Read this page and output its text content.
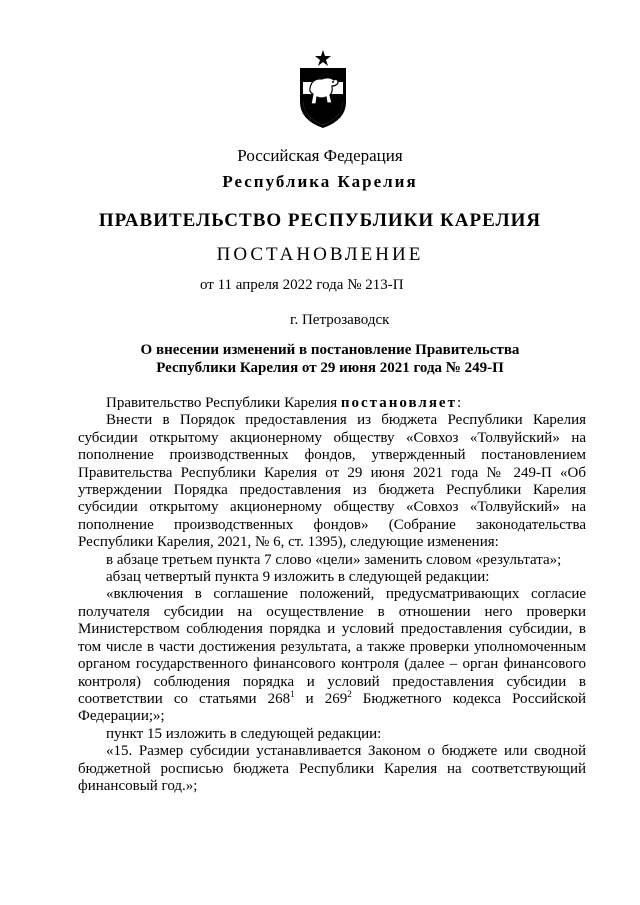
Российская Федерация
Республика Карелия
ПРАВИТЕЛЬСТВО РЕСПУБЛИКИ КАРЕЛИЯ
ПОСТАНОВЛЕНИЕ
от 11 апреля 2022 года № 213-П
г. Петрозаводск
О внесении изменений в постановление Правительства
Республики Карелия от 29 июня 2021 года № 249-П

Правительство Республики Карелия постановляет:

Внести в Порядок предоставления из бюджета Республики Карелия субсидии открытому акционерному обществу «Совхоз «Толвуйский» на пополнение производственных фондов, утвержденный постановлением Правительства Республики Карелия от 29 июня 2021 года № 249-П «Об утверждении Порядка предоставления из бюджета Республики Карелия субсидии открытому акционерному обществу «Совхоз «Толвуйский» на пополнение производственных фондов» (Собрание законодательства Республики Карелия, 2021, № 6, ст. 1395), следующие изменения:

в абзаце третьем пункта 7 слово «цели» заменить словом «результата»;

абзац четвертый пункта 9 изложить в следующей редакции:

«включения в соглашение положений, предусматривающих согласие получателя субсидии на осуществление в отношении него проверки Министерством соблюдения порядка и условий предоставления субсидии, в том числе в части достижения результата, а также проверки уполномоченным органом государственного финансового контроля (далее – орган финансового контроля) соблюдения порядка и условий предоставления субсидии в соответствии со статьями $268^1$ и $269^2$ Бюджетного кодекса Российской Федерации;»;

пункт 15 изложить в следующей редакции:

«15. Размер субсидии устанавливается Законом о бюджете или сводной бюджетной росписью бюджета Республики Карелия на соответствующий финансовый год.»;
